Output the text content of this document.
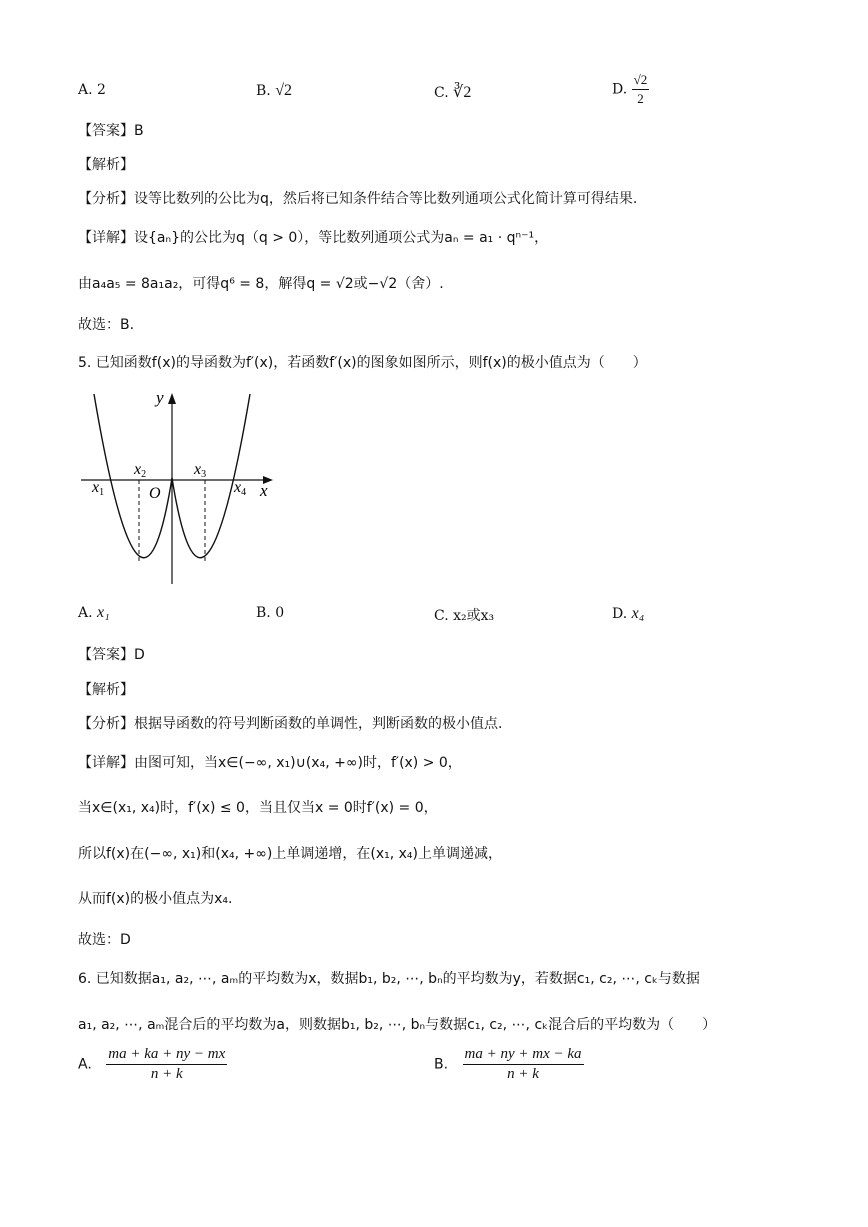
A. 2	B. √2	C. ∛2	D. $\frac{√2}{2}$
【答案】B
【解析】
【分析】设等比数列的公比为q，然后将已知条件结合等比数列通项公式化简计算可得结果.
【详解】设{aₙ}的公比为q（q > 0），等比数列通项公式为aₙ = a₁ · qⁿ⁻¹，
由a₄a₅ = 8a₁a₂，可得q⁶ = 8，解得q = √2或−√2（舍）.
故选：B.
5. 已知函数f(x)的导函数为f′(x)，若函数f′(x)的图象如图所示，则f(x)的极小值点为（　　）
y
x
O
x1
x2	x3
x4
A. x₁	B. 0	C. x₂或x₃	D. x₄
【答案】D
【解析】
【分析】根据导函数的符号判断函数的单调性，判断函数的极小值点.
【详解】由图可知，当x∈(−∞, x₁)∪(x₄, +∞)时，f′(x) > 0，
当x∈(x₁, x₄)时，f′(x) ≤ 0，当且仅当x = 0时f′(x) = 0，
所以f(x)在(−∞, x₁)和(x₄, +∞)上单调递增，在(x₁, x₄)上单调递减，
从而f(x)的极小值点为x₄.
故选：D
6. 已知数据a₁, a₂, ⋯, aₘ的平均数为x，数据b₁, b₂, ⋯, bₙ的平均数为y，若数据c₁, c₂, ⋯, cₖ与数据
a₁, a₂, ⋯, aₘ混合后的平均数为a，则数据b₁, b₂, ⋯, bₙ与数据c₁, c₂, ⋯, cₖ混合后的平均数为（　　）
A. $\frac{ma + ka + ny - mx}{n + k}$	B. $\frac{ma + ny + mx - ka}{n + k}$
